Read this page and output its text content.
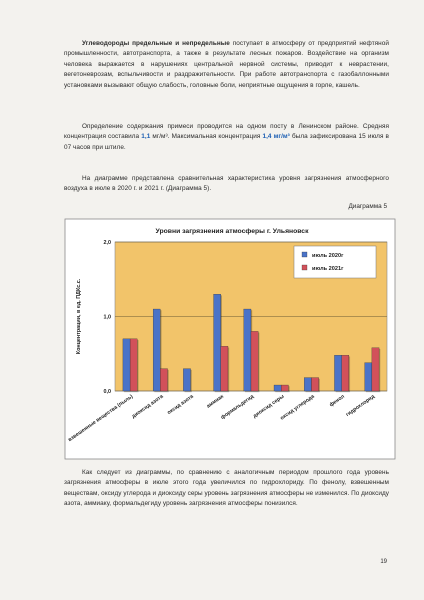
Углеводороды предельные и непредельные поступает в атмосферу от предприятий нефтяной промышленности, автотранспорта, а также в результате лесных пожаров. Воздействие на организм человека выражается в нарушениях центральной нервной системы, приводит к неврастении, вегетоневрозам, вспыльчивости и раздражительности. При работе автотранспорта с газобаллонными установками вызывают общую слабость, головные боли, неприятные ощущения в горле, кашель.
Определение содержания примеси проводится на одном посту в Ленинском районе. Средняя концентрация составила 1,1 мг/м³. Максимальная концентрация 1,4 мг/м³ была зафиксирована 15 июля в 07 часов при штиле.
На диаграмме представлена сравнительная характеристика уровня загрязнения атмосферного воздуха в июле в 2020 г. и 2021 г. (Диаграмма 5).
Диаграмма 5
Уровни загрязнения атмосферы г. Ульяновск
0,0
1,0
2,0
взвешенные вещества (пыль)
диоксид азота оксид азота аммиак
формальдегид
диоксид серы
оксид углерода фенол гидрохлорид
июль 2020г
июль 2021г
Концентрации, в ед. ПДКс.с.
Как следует из диаграммы, по сравнению с аналогичным периодом прошлого года уровень загрязнения атмосферы в июле этого года увеличился по гидрохлориду. По фенолу, взвешенным веществам, оксиду углерода и диоксиду серы уровень загрязнения атмосферы не изменился. По диоксиду азота, аммиаку, формальдегиду уровень загрязнения атмосферы понизился.
19
